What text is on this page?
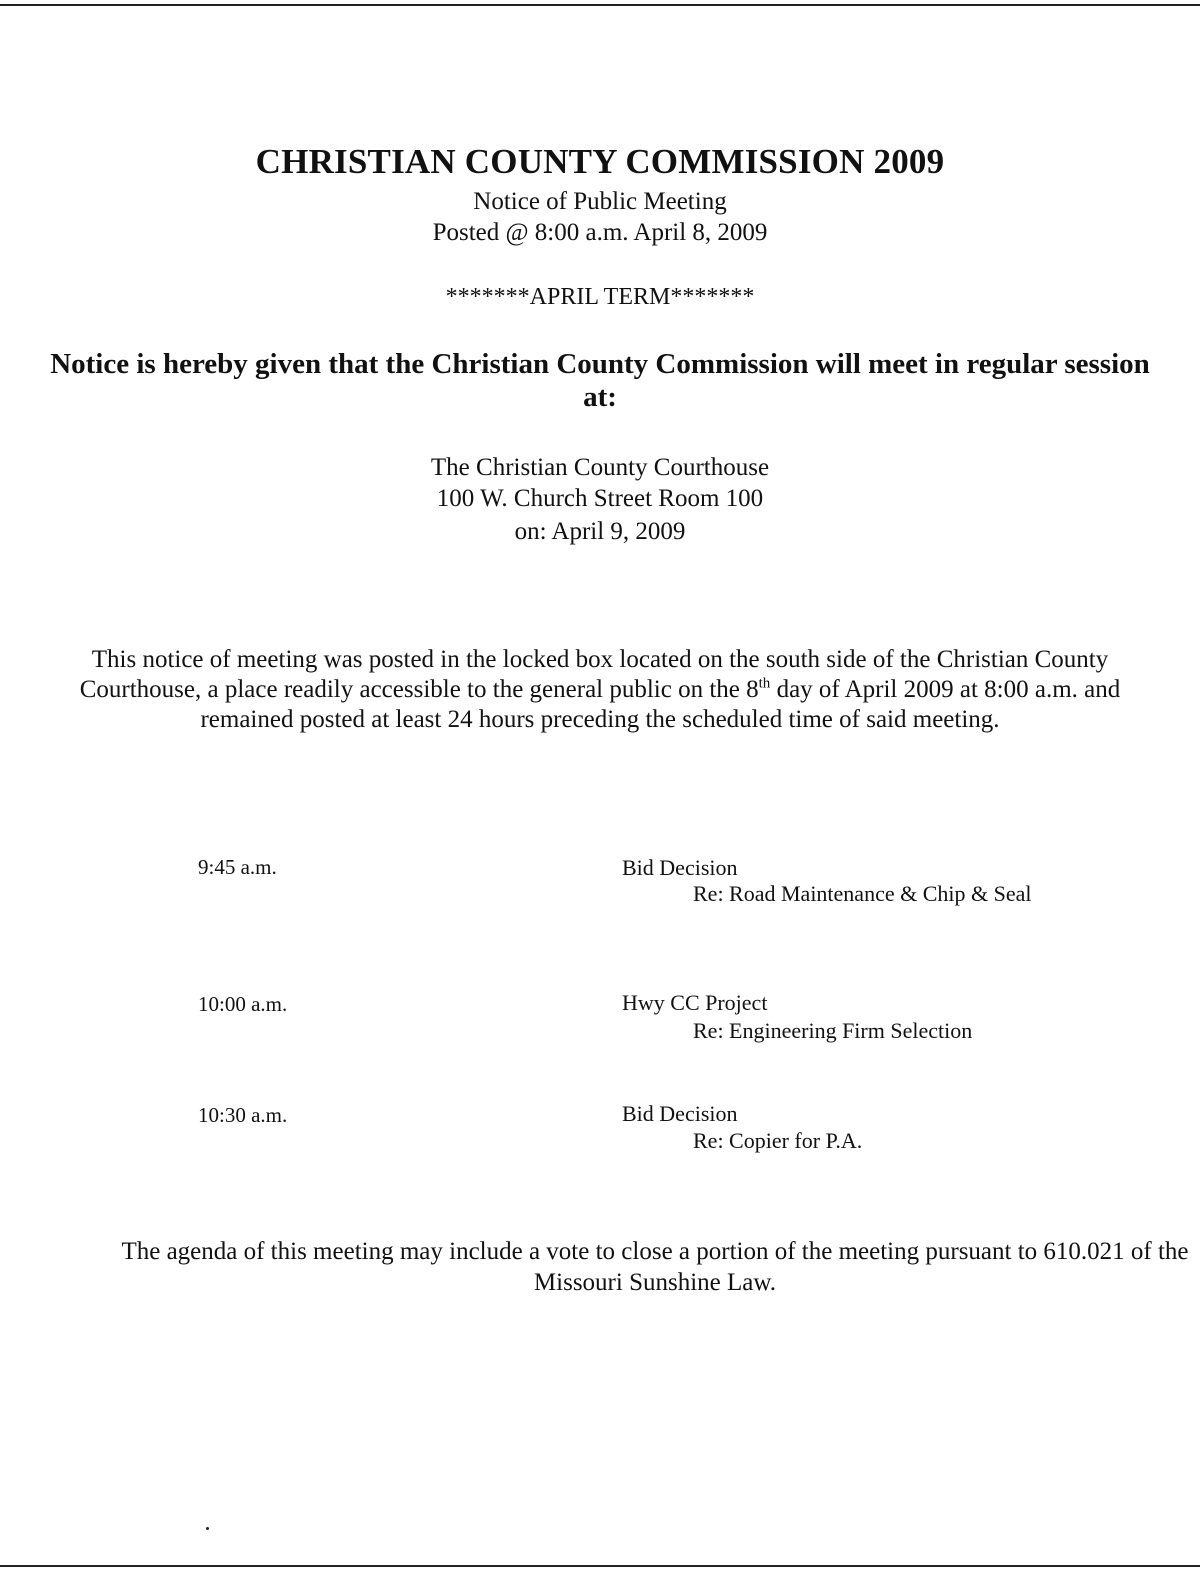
CHRISTIAN COUNTY COMMISSION 2009
Notice of Public Meeting
Posted @ 8:00 a.m. April 8, 2009
*******APRIL TERM*******
Notice is hereby given that the Christian County Commission will meet in regular session at:
The Christian County Courthouse
100 W. Church Street Room 100
on: April 9, 2009
This notice of meeting was posted in the locked box located on the south side of the Christian County Courthouse, a place readily accessible to the general public on the 8th day of April 2009 at 8:00 a.m. and remained posted at least 24 hours preceding the scheduled time of said meeting.
9:45 a.m.	Bid Decision
Re: Road Maintenance & Chip & Seal
10:00 a.m.	Hwy CC Project
Re: Engineering Firm Selection
10:30 a.m.	Bid Decision
Re: Copier for P.A.
The agenda of this meeting may include a vote to close a portion of the meeting pursuant to 610.021 of the Missouri Sunshine Law.
